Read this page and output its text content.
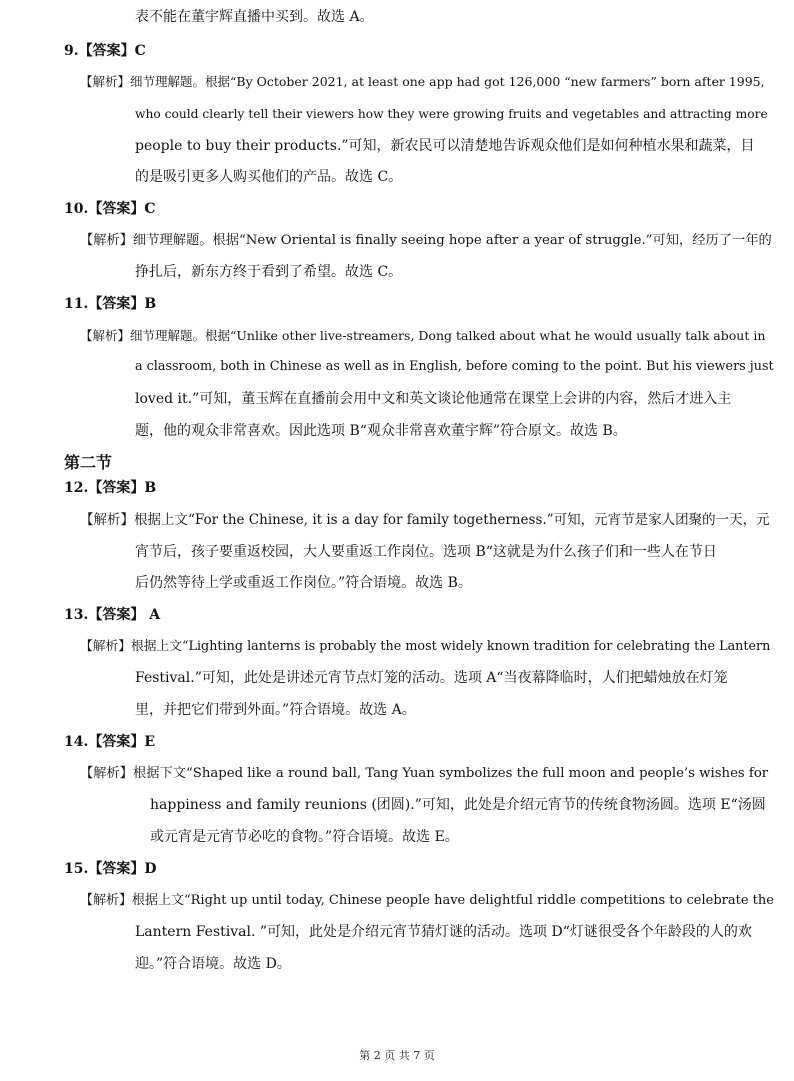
表不能在董宇辉直播中买到。故选 A。
9.【答案】C
【解析】细节理解题。根据“By October 2021, at least one app had got 126,000 “new farmers” born after 1995,
who could clearly tell their viewers how they were growing fruits and vegetables and attracting more
people to buy their products.”可知，新农民可以清楚地告诉观众他们是如何种植水果和蔬菜，目
的是吸引更多人购买他们的产品。故选 C。
10.【答案】C
【解析】细节理解题。根据“New Oriental is finally seeing hope after a year of struggle.”可知，经历了一年的
挣扎后，新东方终于看到了希望。故选 C。
11.【答案】B
【解析】细节理解题。根据“Unlike other live-streamers, Dong talked about what he would usually talk about in
a classroom, both in Chinese as well as in English, before coming to the point. But his viewers just
loved it.”可知，董玉辉在直播前会用中文和英文谈论他通常在课堂上会讲的内容，然后才进入主
题，他的观众非常喜欢。因此选项 B“观众非常喜欢董宇辉”符合原文。故选 B。
第二节
12.【答案】B
【解析】根据上文“For the Chinese, it is a day for family togetherness.”可知，元宵节是家人团聚的一天，元
宵节后，孩子要重返校园，大人要重返工作岗位。选项 B“这就是为什么孩子们和一些人在节日
后仍然等待上学或重返工作岗位。”符合语境。故选 B。
13.【答案】 A
【解析】根据上文“Lighting lanterns is probably the most widely known tradition for celebrating the Lantern
Festival.”可知，此处是讲述元宵节点灯笼的活动。选项 A“当夜幕降临时，人们把蜡烛放在灯笼
里，并把它们带到外面。”符合语境。故选 A。
14.【答案】E
【解析】根据下文“Shaped like a round ball, Tang Yuan symbolizes the full moon and people’s wishes for
happiness and family reunions (团圆).”可知，此处是介绍元宵节的传统食物汤圆。选项 E“汤圆
或元宵是元宵节必吃的食物。”符合语境。故选 E。
15.【答案】D
【解析】根据上文“Right up until today, Chinese people have delightful riddle competitions to celebrate the
Lantern Festival. ”可知，此处是介绍元宵节猜灯谜的活动。选项 D“灯谜很受各个年龄段的人的欢
迎。”符合语境。故选 D。
第 2 页 共 7 页
